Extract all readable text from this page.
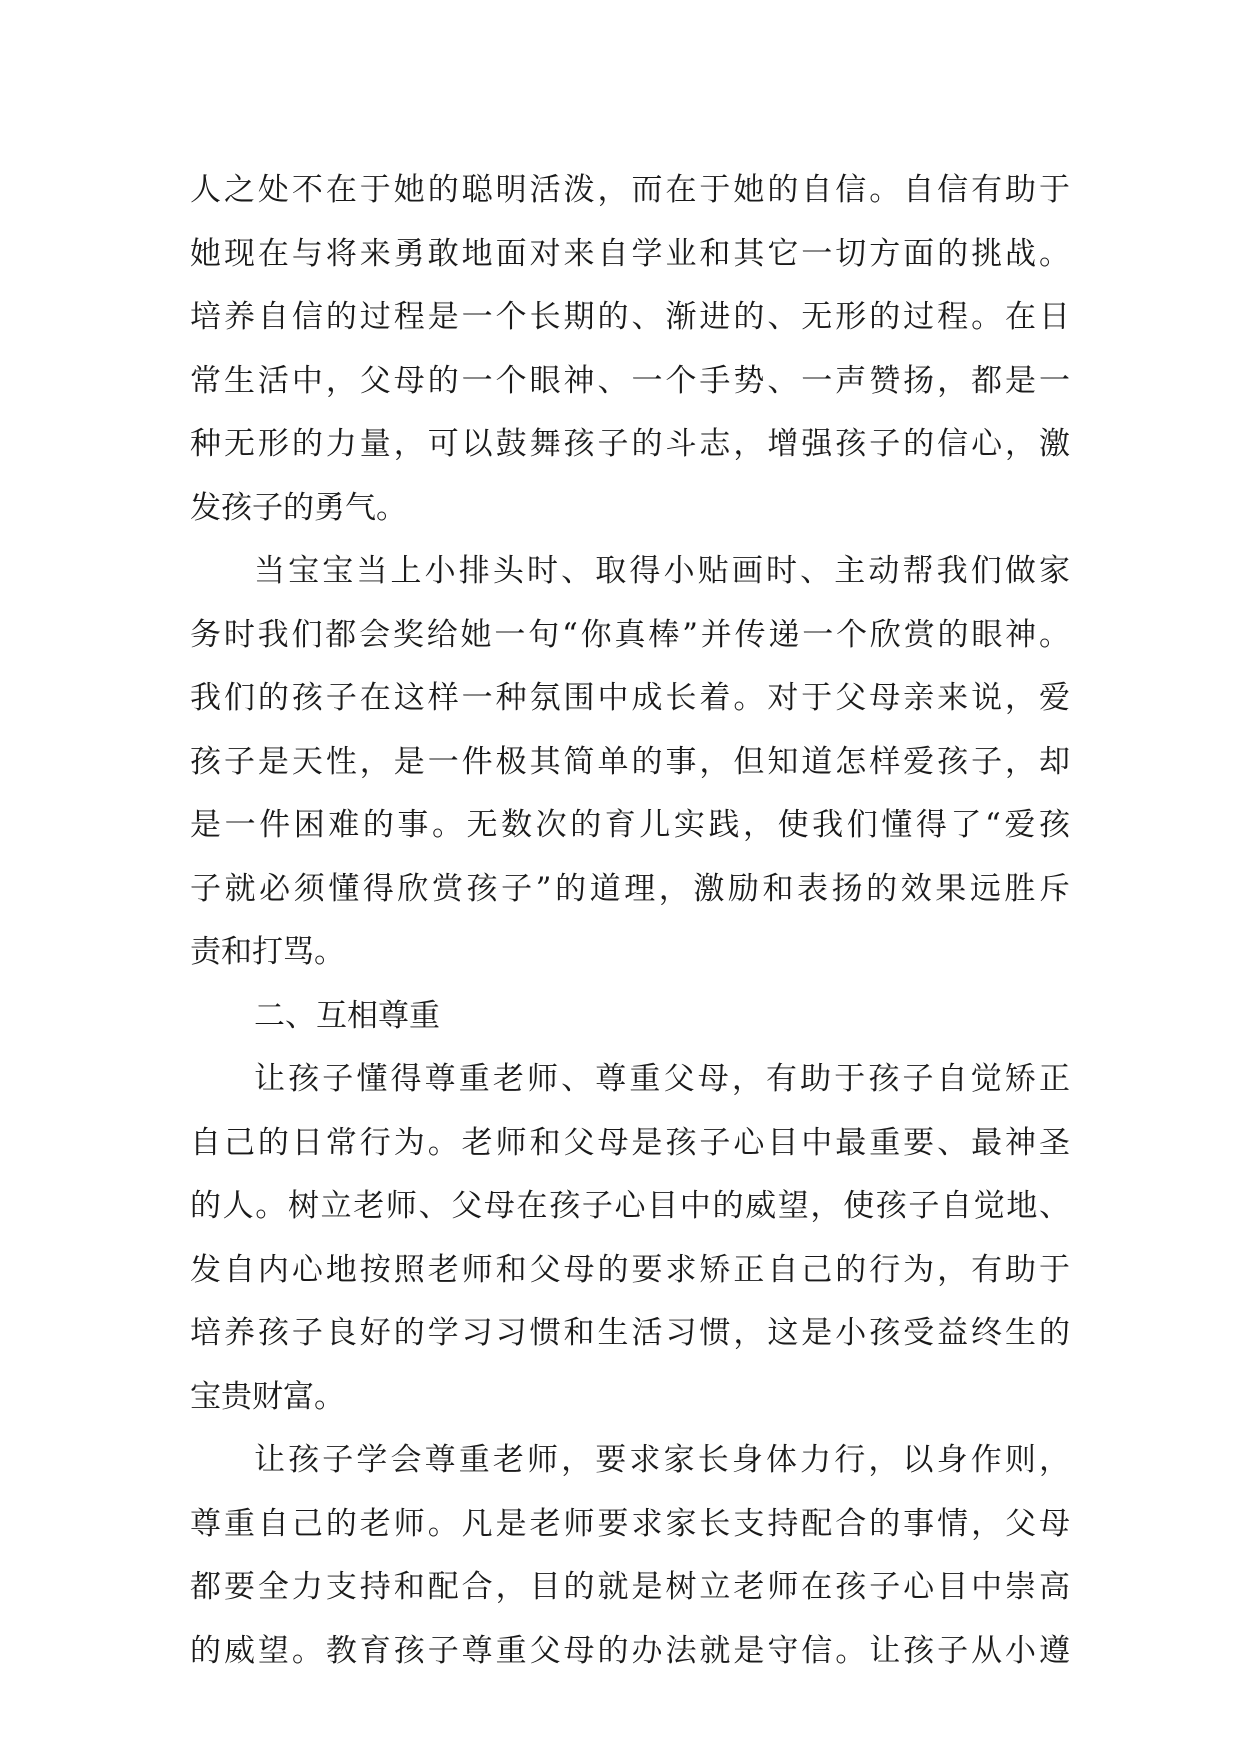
人之处不在于她的聪明活泼，而在于她的自信。自信有助于
她现在与将来勇敢地面对来自学业和其它一切方面的挑战。
培养自信的过程是一个长期的、渐进的、无形的过程。在日
常生活中，父母的一个眼神、一个手势、一声赞扬，都是一
种无形的力量，可以鼓舞孩子的斗志，增强孩子的信心，激
发孩子的勇气。
当宝宝当上小排头时、取得小贴画时、主动帮我们做家
务时我们都会奖给她一句“你真棒”并传递一个欣赏的眼神。
我们的孩子在这样一种氛围中成长着。对于父母亲来说，爱
孩子是天性，是一件极其简单的事，但知道怎样爱孩子，却
是一件困难的事。无数次的育儿实践，使我们懂得了“爱孩
子就必须懂得欣赏孩子”的道理，激励和表扬的效果远胜斥
责和打骂。
二、互相尊重
让孩子懂得尊重老师、尊重父母，有助于孩子自觉矫正
自己的日常行为。老师和父母是孩子心目中最重要、最神圣
的人。树立老师、父母在孩子心目中的威望，使孩子自觉地、
发自内心地按照老师和父母的要求矫正自己的行为，有助于
培养孩子良好的学习习惯和生活习惯，这是小孩受益终生的
宝贵财富。
让孩子学会尊重老师，要求家长身体力行，以身作则，
尊重自己的老师。凡是老师要求家长支持配合的事情，父母
都要全力支持和配合，目的就是树立老师在孩子心目中崇高
的威望。教育孩子尊重父母的办法就是守信。让孩子从小遵
